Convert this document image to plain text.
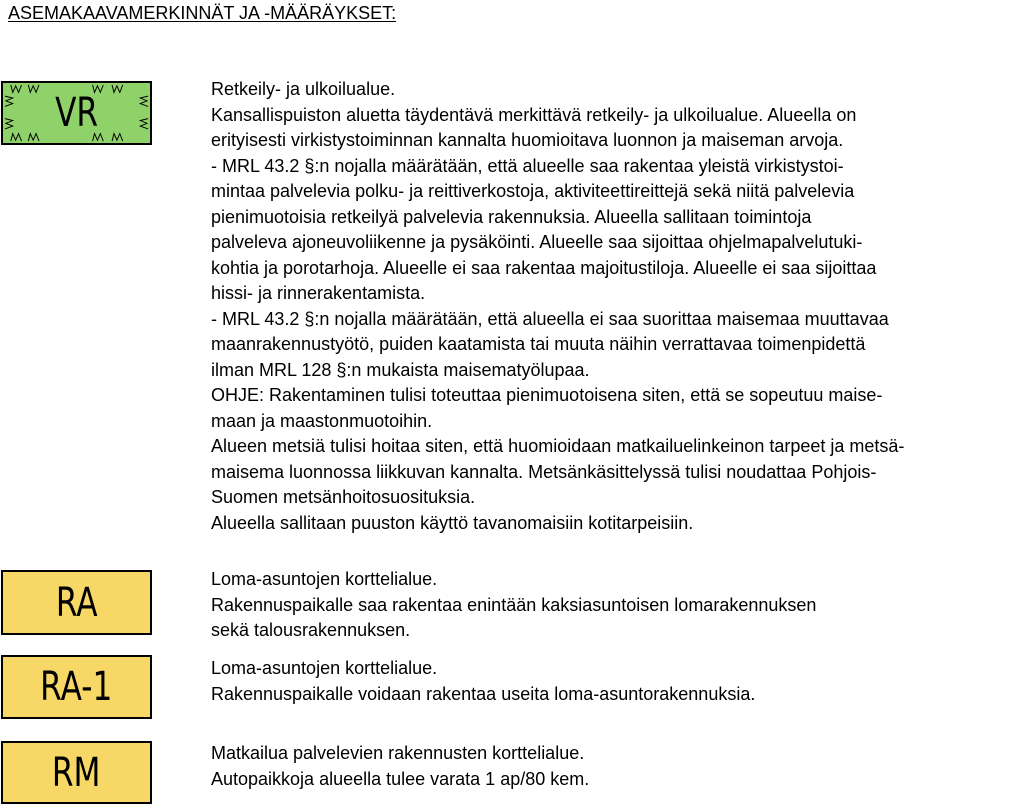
ASEMAKAAVAMERKINNÄT JA -MÄÄRÄYKSET:
VR
Retkeily- ja ulkoilualue.
Kansallispuiston aluetta täydentävä merkittävä retkeily- ja ulkoilualue. Alueella on
erityisesti virkistystoiminnan kannalta huomioitava luonnon ja maiseman arvoja.
- MRL 43.2 §:n nojalla määrätään, että alueelle saa rakentaa yleistä virkistystoi-
mintaa palvelevia polku- ja reittiverkostoja, aktiviteettireittejä sekä niitä palvelevia
pienimuotoisia retkeilyä palvelevia rakennuksia. Alueella sallitaan toimintoja
palveleva ajoneuvoliikenne ja pysäköinti. Alueelle saa sijoittaa ohjelmapalvelutuki-
kohtia ja porotarhoja. Alueelle ei saa rakentaa majoitustiloja. Alueelle ei saa sijoittaa
hissi- ja rinnerakentamista.
- MRL 43.2 §:n nojalla määrätään, että alueella ei saa suorittaa maisemaa muuttavaa
maanrakennustyötö, puiden kaatamista tai muuta näihin verrattavaa toimenpidettä
ilman MRL 128 §:n mukaista maisematyölupaa.
OHJE: Rakentaminen tulisi toteuttaa pienimuotoisena siten, että se sopeutuu maise-
maan ja maastonmuotoihin.
Alueen metsiä tulisi hoitaa siten, että huomioidaan matkailuelinkeinon tarpeet ja metsä-
maisema luonnossa liikkuvan kannalta. Metsänkäsittelyssä tulisi noudattaa Pohjois-
Suomen metsänhoitosuosituksia.
Alueella sallitaan puuston käyttö tavanomaisiin kotitarpeisiin.
RA
Loma-asuntojen korttelialue.
Rakennuspaikalle saa rakentaa enintään kaksiasuntoisen lomarakennuksen
sekä talousrakennuksen.
RA-1	Loma-asuntojen korttelialue.
Rakennuspaikalle voidaan rakentaa useita loma-asuntorakennuksia.
RM	Matkailua palvelevien rakennusten korttelialue.
Autopaikkoja alueella tulee varata 1 ap/80 kem.
